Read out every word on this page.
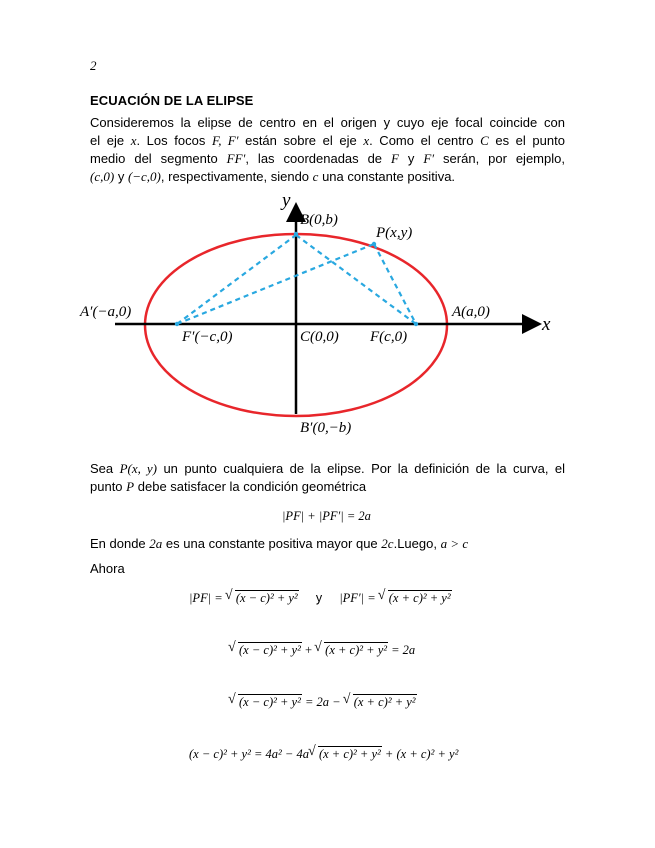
2
ECUACIÓN DE LA ELIPSE
Consideremos la elipse de centro en el origen y cuyo eje focal coincide con
el eje x. Los focos F, F′ están sobre el eje x. Como el centro C es el punto
medio del segmento FF′, las coordenadas de F y F′ serán, por ejemplo,
(c,0) y (−c,0), respectivamente, siendo c una constante positiva.
y
x
B(0,b)
P(x,y)
A′(−a,0)	A(a,0)
F′(−c,0)	C(0,0) F(c,0)
B′(0,−b)
Sea P(x, y) un punto cualquiera de la elipse. Por la definición de la curva, el
punto P debe satisfacer la condición geométrica
|PF| + |PF′| = 2a
En donde 2a es una constante positiva mayor que 2c.Luego, a > c
Ahora
|PF| = √ (x − c)² + y² y |PF′| = √ (x + c)² + y²
√ (x − c)² + y² + √ (x + c)² + y² = 2a
√ (x − c)² + y² = 2a − √ (x + c)² + y²
(x − c)² + y² = 4a² − 4a √ (x + c)² + y² + (x + c)² + y²
